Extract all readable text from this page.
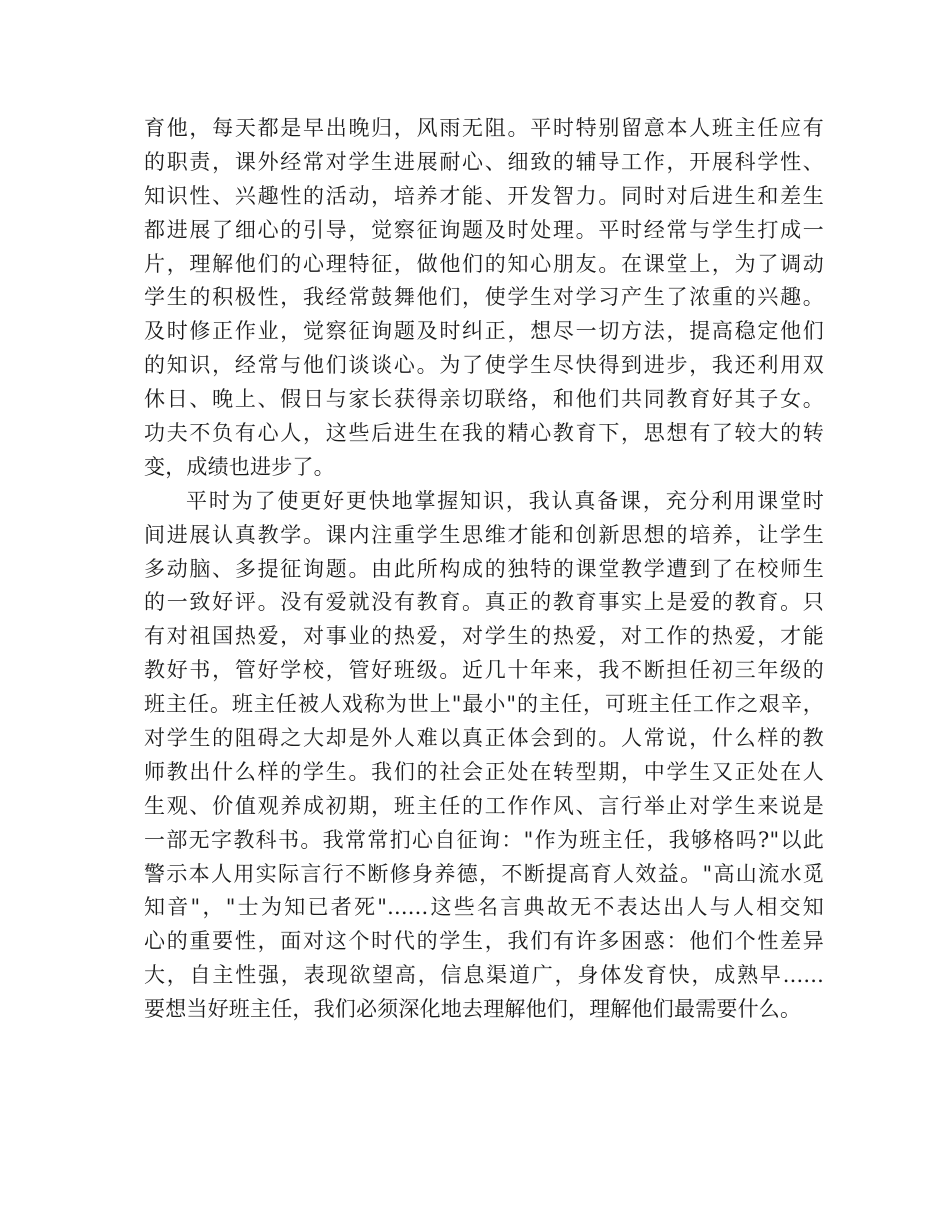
育他，每天都是早出晚归，风雨无阻。平时特别留意本人班主任应有
的职责，课外经常对学生进展耐心、细致的辅导工作，开展科学性、
知识性、兴趣性的活动，培养才能、开发智力。同时对后进生和差生
都进展了细心的引导，觉察征询题及时处理。平时经常与学生打成一
片，理解他们的心理特征，做他们的知心朋友。在课堂上，为了调动
学生的积极性，我经常鼓舞他们，使学生对学习产生了浓重的兴趣。
及时修正作业，觉察征询题及时纠正，想尽一切方法，提高稳定他们
的知识，经常与他们谈谈心。为了使学生尽快得到进步，我还利用双
休日、晚上、假日与家长获得亲切联络，和他们共同教育好其子女。
功夫不负有心人，这些后进生在我的精心教育下，思想有了较大的转
变，成绩也进步了。
平时为了使更好更快地掌握知识，我认真备课，充分利用课堂时
间进展认真教学。课内注重学生思维才能和创新思想的培养，让学生
多动脑、多提征询题。由此所构成的独特的课堂教学遭到了在校师生
的一致好评。没有爱就没有教育。真正的教育事实上是爱的教育。只
有对祖国热爱，对事业的热爱，对学生的热爱，对工作的热爱，才能
教好书，管好学校，管好班级。近几十年来，我不断担任初三年级的
班主任。班主任被人戏称为世上"最小"的主任，可班主任工作之艰辛，
对学生的阻碍之大却是外人难以真正体会到的。人常说，什么样的教
师教出什么样的学生。我们的社会正处在转型期，中学生又正处在人
生观、价值观养成初期，班主任的工作作风、言行举止对学生来说是
一部无字教科书。我常常扪心自征询："作为班主任，我够格吗?"以此
警示本人用实际言行不断修身养德，不断提高育人效益。"高山流水觅
知音"，"士为知已者死"......这些名言典故无不表达出人与人相交知
心的重要性，面对这个时代的学生，我们有许多困惑：他们个性差异
大，自主性强，表现欲望高，信息渠道广，身体发育快，成熟早......
要想当好班主任，我们必须深化地去理解他们，理解他们最需要什么。
